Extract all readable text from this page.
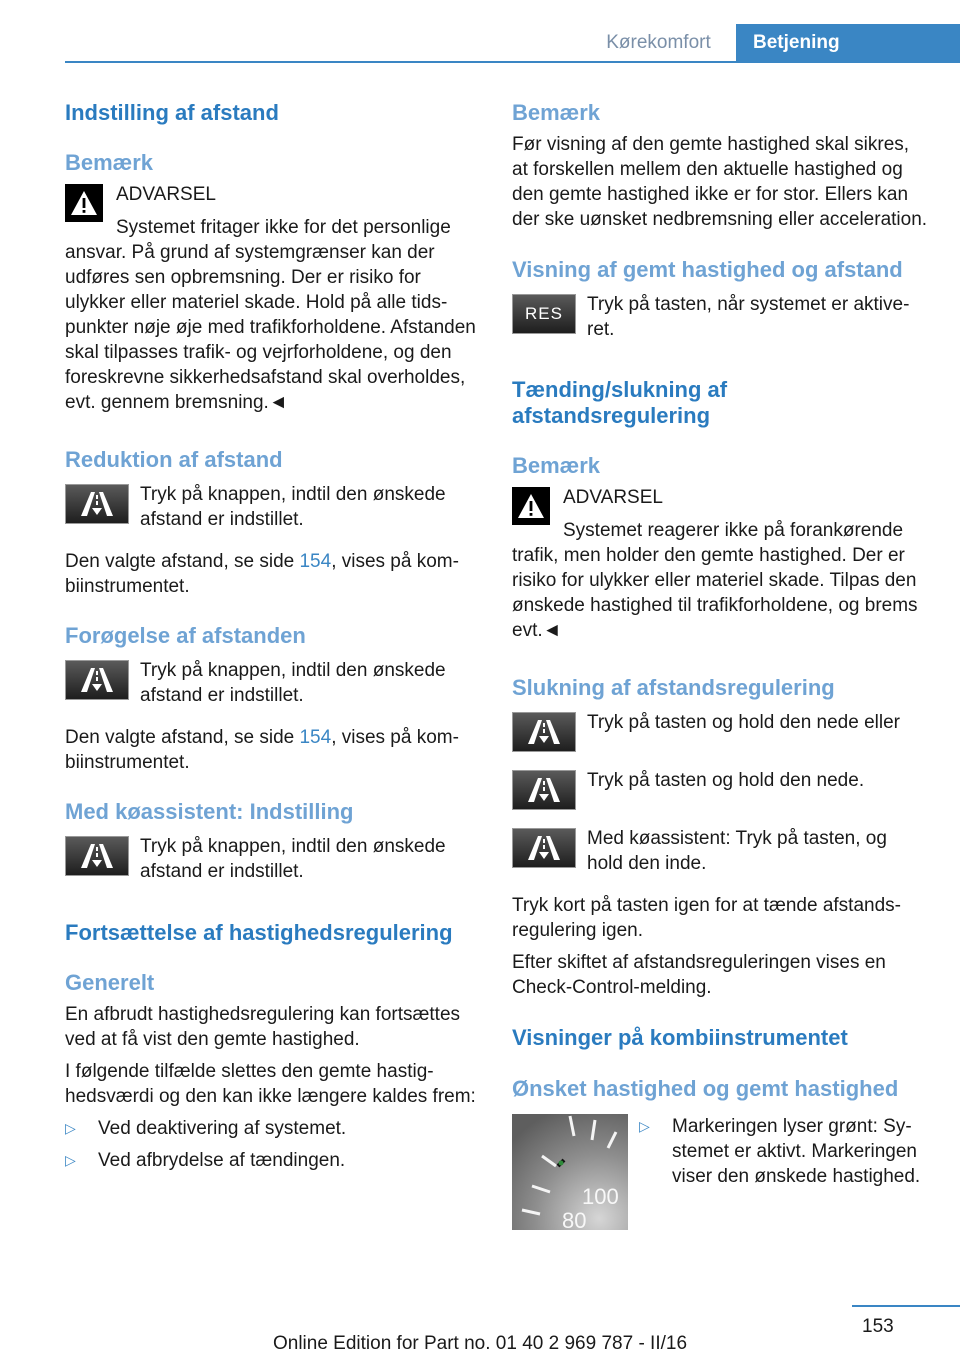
Kørekomfort	Betjening
Indstilling af afstand
Bemærk

ADVARSEL

Systemet fritager ikke for det personlige ansvar. På grund af systemgrænser kan der udføres sen opbremsning. Der er risiko for ulykker eller materiel skade. Hold på alle tidspunkter nøje øje med trafikforholdene. Afstanden skal tilpasses trafik- og vejrforholdene, og den foreskrevne sikkerhedsafstand skal overholdes, evt. gennem bremsning.◄

Reduktion af afstand
Tryk på knappen, indtil den ønskede afstand er indstillet.

Den valgte afstand, se side 154, vises på kombiinstrumentet.

Forøgelse af afstanden
Tryk på knappen, indtil den ønskede afstand er indstillet.

Den valgte afstand, se side 154, vises på kombiinstrumentet.

Med køassistent: Indstilling
Tryk på knappen, indtil den ønskede afstand er indstillet.
Fortsættelse af hastighedsregulering
Generelt

En afbrudt hastighedsregulering kan fortsættes ved at få vist den gemte hastighed.

I følgende tilfælde slettes den gemte hastighedsværdi og den kan ikke længere kaldes frem:

▷	Ved deaktivering af systemet.
▷	Ved afbrydelse af tændingen.
Bemærk

Før visning af den gemte hastighed skal sikres, at forskellen mellem den aktuelle hastighed og den gemte hastighed ikke er for stor. Ellers kan der ske uønsket nedbremsning eller acceleration.

Visning af gemt hastighed og afstand
RES Tryk på tasten, når systemet er aktiveret.
Tænding/slukning af afstandsregulering
Bemærk

ADVARSEL

Systemet reagerer ikke på forankørende trafik, men holder den gemte hastighed. Der er risiko for ulykker eller materiel skade. Tilpas den ønskede hastighed til trafikforholdene, og brems evt.◄

Slukning af afstandsregulering
Tryk på tasten og hold den nede eller
Tryk på tasten og hold den nede.
Med køassistent: Tryk på tasten, og hold den inde.

Tryk kort på tasten igen for at tænde afstandsregulering igen.

Efter skiftet af afstandsreguleringen vises en Check-Control-melding.

Visninger på kombiinstrumentet
Ønsket hastighed og gemt hastighed
100
80
▷	Markeringen lyser grønt: Systemet er aktivt. Markeringen viser den ønskede hastighed.
153
Online Edition for Part no. 01 40 2 969 787 - II/16
